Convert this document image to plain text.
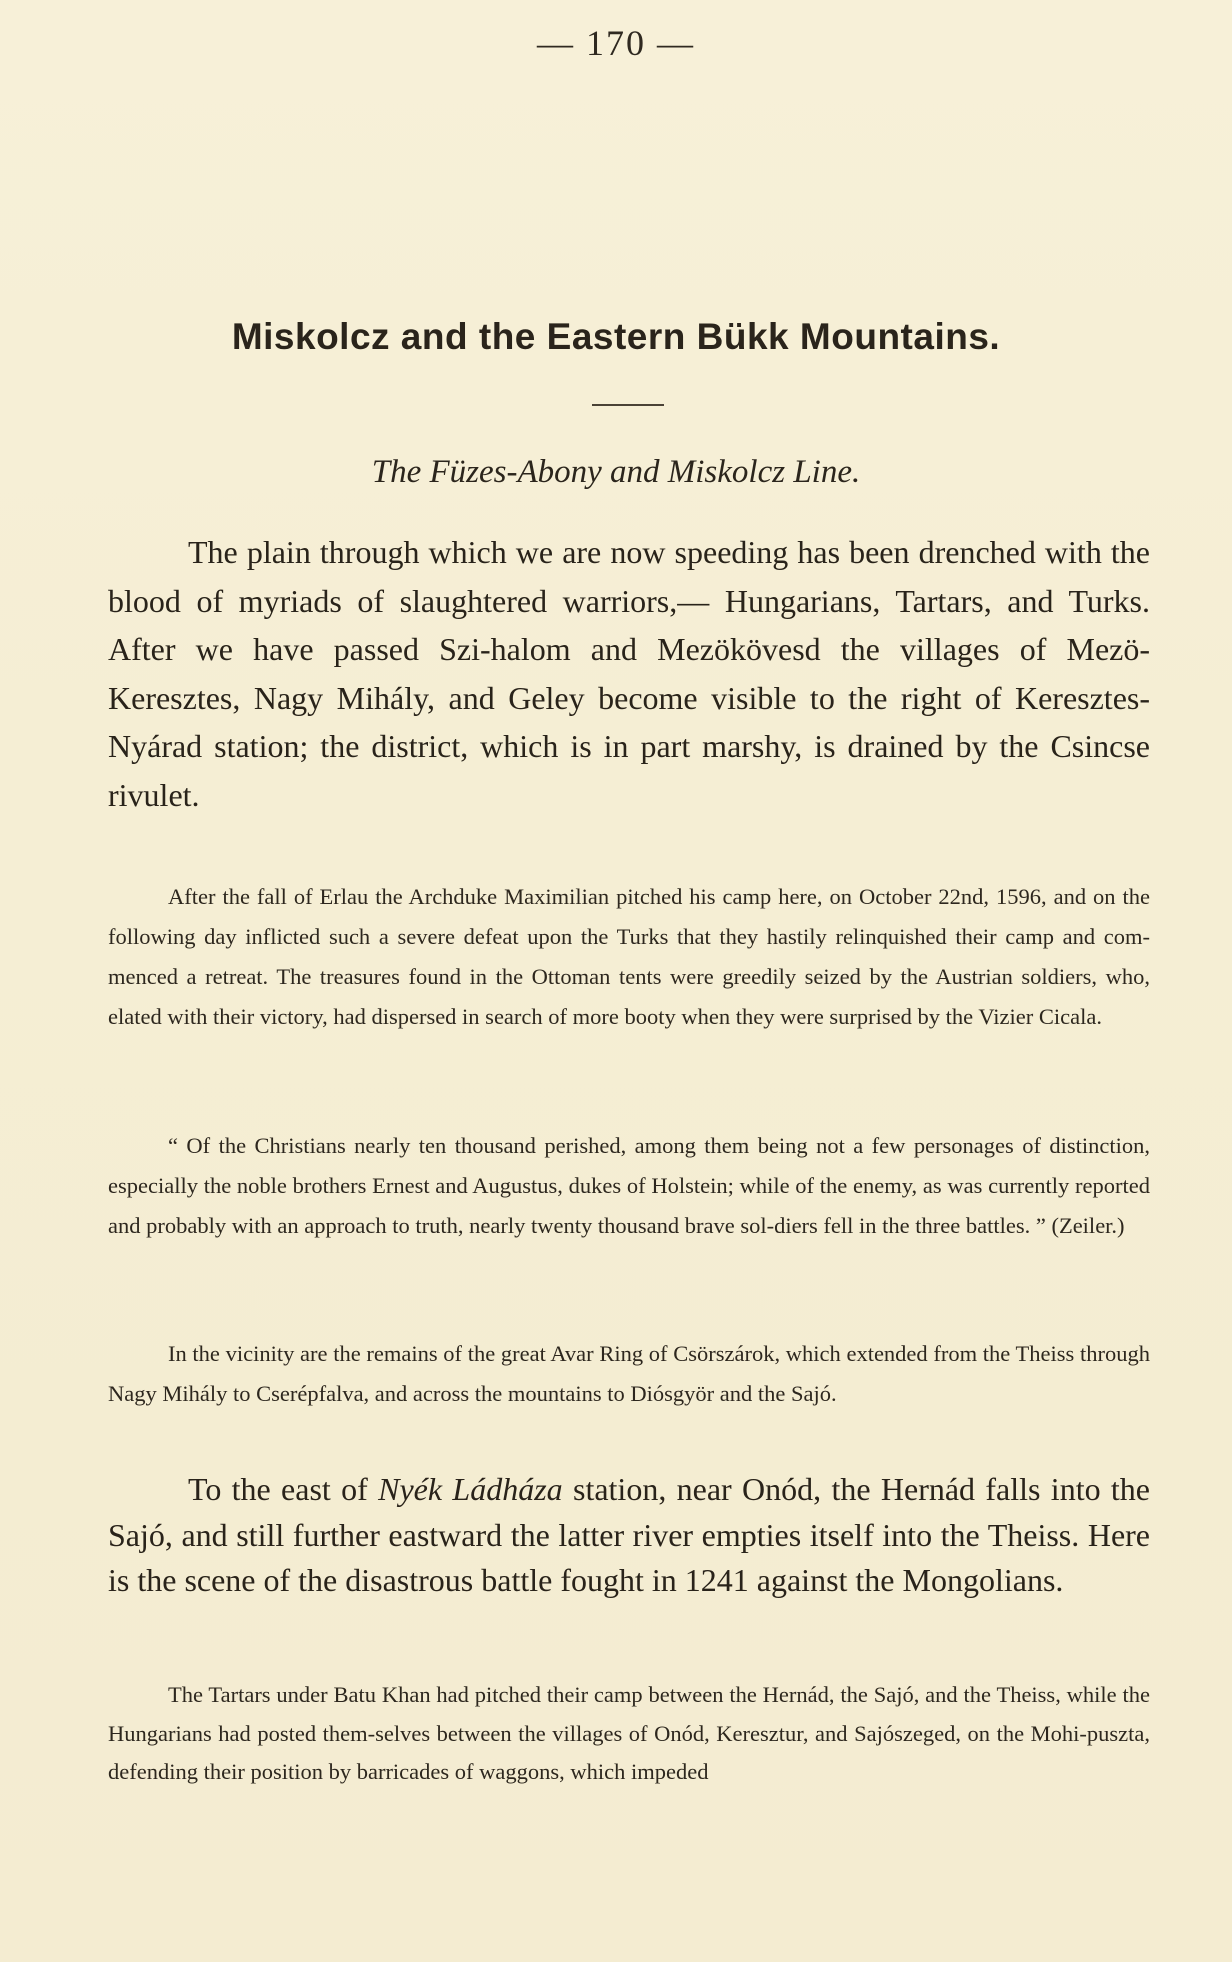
— 170 —
Miskolcz and the Eastern Bükk Mountains.
The Füzes-Abony and Miskolcz Line.

The plain through which we are now speeding has been drenched with the blood of myriads of slaughtered warriors,— Hungarians, Tartars, and Turks. After we have passed Szi-halom and Mezökövesd the villages of Mezö-Keresztes, Nagy Mihály, and Geley become visible to the right of Keresztes-Nyárad station; the district, which is in part marshy, is drained by the Csincse rivulet.

After the fall of Erlau the Archduke Maximilian pitched his camp here, on October 22nd, 1596, and on the following day inflicted such a severe defeat upon the Turks that they hastily relinquished their camp and com-menced a retreat. The treasures found in the Ottoman tents were greedily seized by the Austrian soldiers, who, elated with their victory, had dispersed in search of more booty when they were surprised by the Vizier Cicala.

“ Of the Christians nearly ten thousand perished, among them being not a few personages of distinction, especially the noble brothers Ernest and Augustus, dukes of Holstein; while of the enemy, as was currently reported and probably with an approach to truth, nearly twenty thousand brave sol-diers fell in the three battles. ” (Zeiler.)

In the vicinity are the remains of the great Avar Ring of Csörszárok, which extended from the Theiss through Nagy Mihály to Cserépfalva, and across the mountains to Diósgyör and the Sajó.

To the east of Nyék Ládháza station, near Onód, the Hernád falls into the Sajó, and still further eastward the latter river empties itself into the Theiss. Here is the scene of the disastrous battle fought in 1241 against the Mongolians.

The Tartars under Batu Khan had pitched their camp between the Hernád, the Sajó, and the Theiss, while the Hungarians had posted them-selves between the villages of Onód, Keresztur, and Sajószeged, on the Mohi-puszta, defending their position by barricades of waggons, which impeded
